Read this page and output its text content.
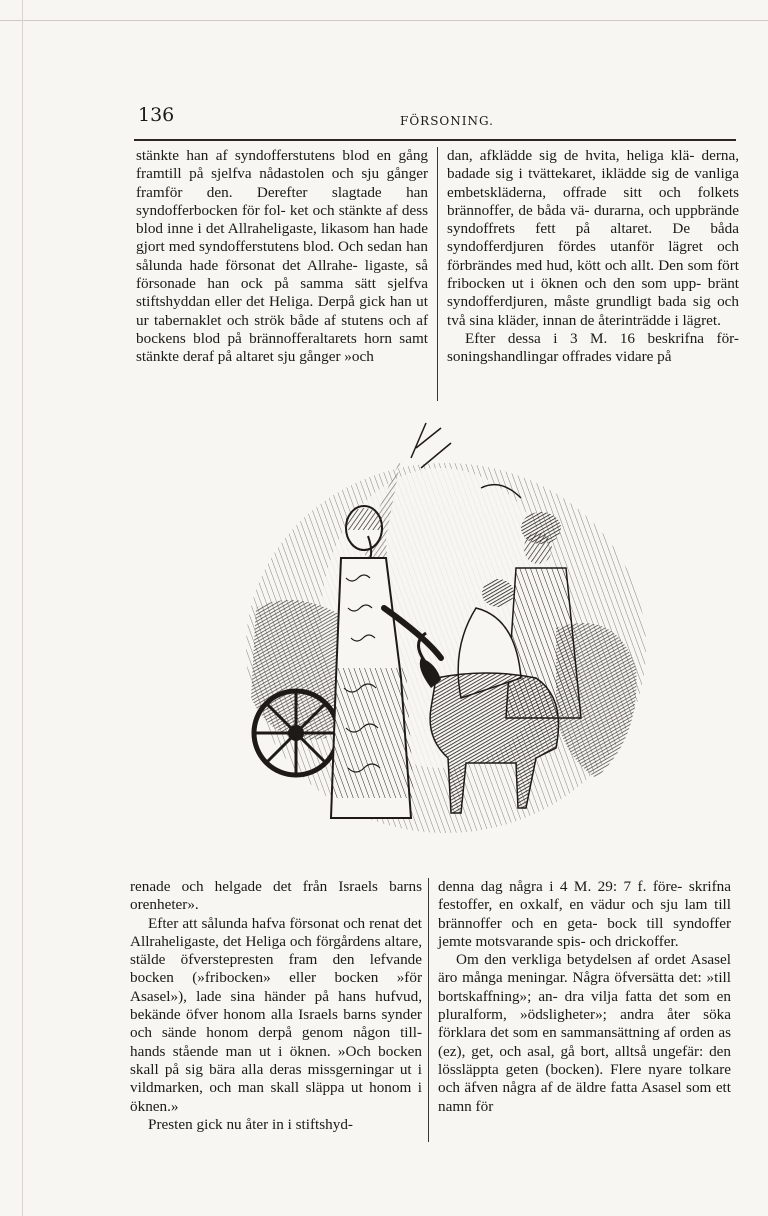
136	FÖRSONING.

stänkte han af syndofferstutens blod en gång framtill på sjelfva nådastolen och sju gånger framför den. Derefter slagtade han syndofferbocken för fol- ket och stänkte af dess blod inne i det Allraheligaste, likasom han hade gjort med syndofferstutens blod. Och sedan han sålunda hade försonat det Allrahe- ligaste, så försonade han ock på samma sätt sjelfva stiftshyddan eller det Heliga. Derpå gick han ut ur tabernaklet och strök både af stutens och af bockens blod på brännofferaltarets horn samt stänkte deraf på altaret sju gånger »och

dan, afklädde sig de hvita, heliga klä- derna, badade sig i tvättekaret, ikläddе sig de vanliga embetskläderna, offrade sitt och folkets brännoffer, de båda vä- durarna, och uppbrände syndoffrets fett på altaret. De båda syndofferdjuren fördes utanför lägret och förbrändes med hud, kött och allt. Den som fört fribocken ut i öknen och den som upp- bränt syndofferdjuren, måste grundligt bada sig och två sina kläder, innan de återinträdde i lägret.

Efter dessa i 3 M. 16 beskrifna för- soningshandlingar offrades vidare på

renade och helgade det från Israels barns orenheter».

Efter att sålunda hafva försonat och renat det Allraheligaste, det Heliga och förgårdens altare, stälde öfverstepresten fram den lefvande bocken (»fribocken» eller bocken »för Asasel»), lade sina händer på hans hufvud, bekände öfver honom alla Israels barns synder och sände honom derpå genom någon till- hands stående man ut i öknen. »Och bocken skall på sig bära alla deras missgerningar ut i vildmarken, och man skall släppa ut honom i öknen.»

Presten gick nu åter in i stiftshyd-

denna dag några i 4 M. 29: 7 f. före- skrifna festoffer, en oxkalf, en vädur och sju lam till brännoffer och en geta- bock till syndoffer jemte motsvarande spis- och drickoffer.

Om den verkliga betydelsen af ordet Asasel äro många meningar. Några öfversätta det: »till bortskaffning»; an- dra vilja fatta det som en pluralform, »ödsligheter»; andra åter söka förklara det som en sammansättning af orden as (ez), get, och asal, gå bort, alltså ungefär: den lössläppta geten (bocken). Flere nyare tolkare och äfven några af de äldre fatta Asasel som ett namn för
